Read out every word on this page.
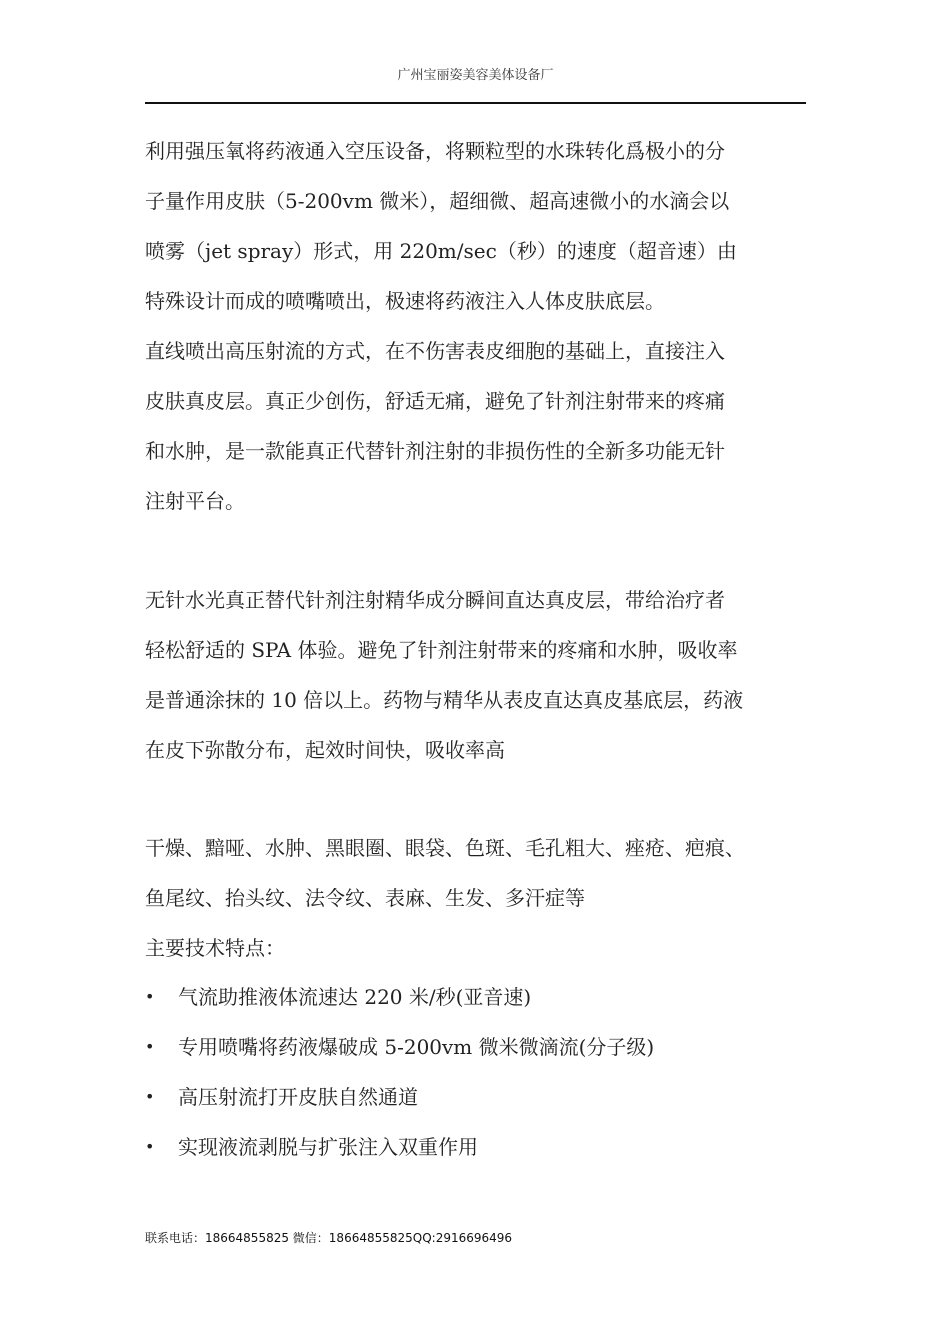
广州宝丽姿美容美体设备厂

利用强压氧将药液通入空压设备，将颗粒型的水珠转化爲极小的分
子量作用皮肤（5-200vm 微米），超细微、超高速微小的水滴会以
喷雾（jet spray）形式，用 220m/sec（秒）的速度（超音速）由
特殊设计而成的喷嘴喷出，极速将药液注入人体皮肤底层。
直线喷出高压射流的方式，在不伤害表皮细胞的基础上，直接注入
皮肤真皮层。真正少创伤，舒适无痛，避免了针剂注射带来的疼痛
和水肿，是一款能真正代替针剂注射的非损伤性的全新多功能无针
注射平台。

无针水光真正替代针剂注射精华成分瞬间直达真皮层，带给治疗者
轻松舒适的 SPA 体验。避免了针剂注射带来的疼痛和水肿，吸收率
是普通涂抹的 10 倍以上。药物与精华从表皮直达真皮基底层，药液
在皮下弥散分布，起效时间快，吸收率高

干燥、黯哑、水肿、黑眼圈、眼袋、色斑、毛孔粗大、痤疮、疤痕、
鱼尾纹、抬头纹、法令纹、表麻、生发、多汗症等
主要技术特点：

• 气流助推液体流速达 220 米/秒(亚音速)
• 专用喷嘴将药液爆破成 5-200vm 微米微滴流(分子级)
• 高压射流打开皮肤自然通道
• 实现液流剥脱与扩张注入双重作用
联系电话：18664855825 微信：18664855825QQ:2916696496
